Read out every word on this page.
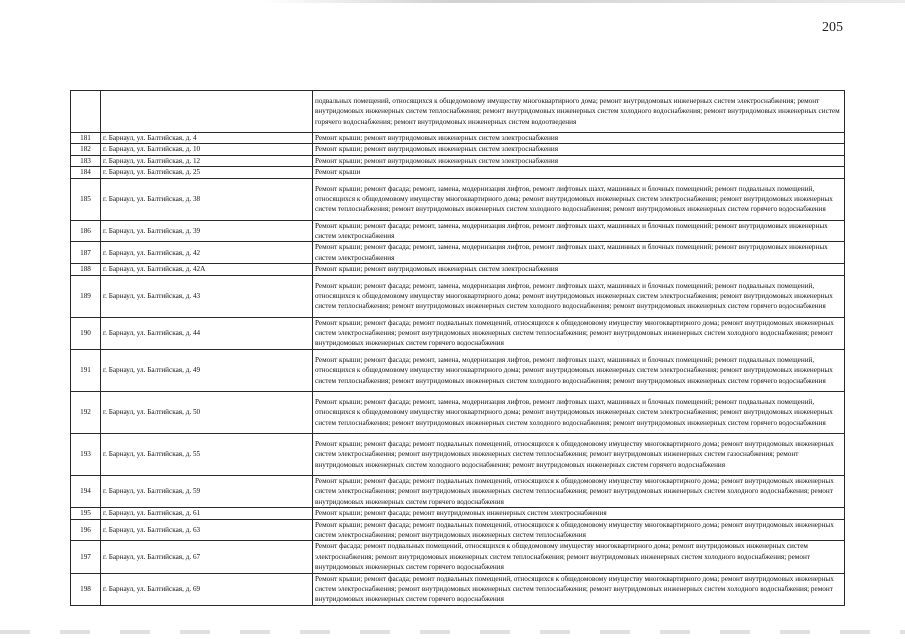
205
		подвальных помещений, относящихся к общедомовому имуществу многоквартирного дома; ремонт внутридомовых инженерных систем электроснабжения; ремонт внутридомовых инженерных систем теплоснабжения; ремонт внутридомовых инженерных систем холодного водоснабжения; ремонт внутридомовых инженерных систем горячего водоснабжения; ремонт внутридомовых инженерных систем водоотведения
181	г. Барнаул, ул. Балтийская, д. 4	Ремонт крыши; ремонт внутридомовых инженерных систем электроснабжения
182	г. Барнаул, ул. Балтийская, д. 10	Ремонт крыши; ремонт внутридомовых инженерных систем электроснабжения
183	г. Барнаул, ул. Балтийская, д. 12	Ремонт крыши; ремонт внутридомовых инженерных систем электроснабжения
184	г. Барнаул, ул. Балтийская, д. 25	Ремонт крыши
185	г. Барнаул, ул. Балтийская, д. 38	Ремонт крыши; ремонт фасада; ремонт, замена, модернизация лифтов, ремонт лифтовых шахт, машинных и блочных помещений; ремонт подвальных помещений, относящихся к общедомовому имуществу многоквартирного дома; ремонт внутридомовых инженерных систем электроснабжения; ремонт внутридомовых инженерных систем теплоснабжения; ремонт внутридомовых инженерных систем холодного водоснабжения; ремонт внутридомовых инженерных систем горячего водоснабжения
186	г. Барнаул, ул. Балтийская, д. 39	Ремонт крыши; ремонт фасада; ремонт, замена, модернизация лифтов, ремонт лифтовых шахт, машинных и блочных помещений; ремонт внутридомовых инженерных систем электроснабжения
187	г. Барнаул, ул. Балтийская, д. 42	Ремонт крыши; ремонт фасада; ремонт, замена, модернизация лифтов, ремонт лифтовых шахт, машинных и блочных помещений; ремонт внутридомовых инженерных систем электроснабжения
188	г. Барнаул, ул. Балтийская, д. 42А	Ремонт крыши; ремонт внутридомовых инженерных систем электроснабжения
189	г. Барнаул, ул. Балтийская, д. 43	Ремонт крыши; ремонт фасада; ремонт, замена, модернизация лифтов, ремонт лифтовых шахт, машинных и блочных помещений; ремонт подвальных помещений, относящихся к общедомовому имуществу многоквартирного дома; ремонт внутридомовых инженерных систем электроснабжения; ремонт внутридомовых инженерных систем теплоснабжения; ремонт внутридомовых инженерных систем холодного водоснабжения; ремонт внутридомовых инженерных систем горячего водоснабжения
190	г. Барнаул, ул. Балтийская, д. 44	Ремонт крыши; ремонт фасада; ремонт подвальных помещений, относящихся к общедомовому имуществу многоквартирного дома; ремонт внутридомовых инженерных систем электроснабжения; ремонт внутридомовых инженерных систем теплоснабжения; ремонт внутридомовых инженерных систем холодного водоснабжения; ремонт внутридомовых инженерных систем горячего водоснабжения
191	г. Барнаул, ул. Балтийская, д. 49	Ремонт крыши; ремонт фасада; ремонт, замена, модернизация лифтов, ремонт лифтовых шахт, машинных и блочных помещений; ремонт подвальных помещений, относящихся к общедомовому имуществу многоквартирного дома; ремонт внутридомовых инженерных систем электроснабжения; ремонт внутридомовых инженерных систем теплоснабжения; ремонт внутридомовых инженерных систем холодного водоснабжения; ремонт внутридомовых инженерных систем горячего водоснабжения
192	г. Барнаул, ул. Балтийская, д. 50	Ремонт крыши; ремонт фасада; ремонт, замена, модернизация лифтов, ремонт лифтовых шахт, машинных и блочных помещений; ремонт подвальных помещений, относящихся к общедомовому имуществу многоквартирного дома; ремонт внутридомовых инженерных систем электроснабжения; ремонт внутридомовых инженерных систем теплоснабжения; ремонт внутридомовых инженерных систем холодного водоснабжения; ремонт внутридомовых инженерных систем горячего водоснабжения
193	г. Барнаул, ул. Балтийская, д. 55	Ремонт крыши; ремонт фасада; ремонт подвальных помещений, относящихся к общедомовому имуществу многоквартирного дома; ремонт внутридомовых инженерных систем электроснабжения; ремонт внутридомовых инженерных систем теплоснабжения; ремонт внутридомовых инженерных систем газоснабжения; ремонт внутридомовых инженерных систем холодного водоснабжения; ремонт внутридомовых инженерных систем горячего водоснабжения
194	г. Барнаул, ул. Балтийская, д. 59	Ремонт крыши; ремонт фасада; ремонт подвальных помещений, относящихся к общедомовому имуществу многоквартирного дома; ремонт внутридомовых инженерных систем электроснабжения; ремонт внутридомовых инженерных систем теплоснабжения; ремонт внутридомовых инженерных систем холодного водоснабжения; ремонт внутридомовых инженерных систем горячего водоснабжения
195	г. Барнаул, ул. Балтийская, д. 61	Ремонт крыши; ремонт фасада; ремонт внутридомовых инженерных систем электроснабжения
196	г. Барнаул, ул. Балтийская, д. 63	Ремонт крыши; ремонт фасада; ремонт подвальных помещений, относящихся к общедомовому имуществу многоквартирного дома; ремонт внутридомовых инженерных систем электроснабжения; ремонт внутридомовых инженерных систем теплоснабжения
197	г. Барнаул, ул. Балтийская, д. 67	Ремонт фасада; ремонт подвальных помещений, относящихся к общедомовому имуществу многоквартирного дома; ремонт внутридомовых инженерных систем электроснабжения; ремонт внутридомовых инженерных систем теплоснабжения; ремонт внутридомовых инженерных систем холодного водоснабжения; ремонт внутридомовых инженерных систем горячего водоснабжения
198	г. Барнаул, ул. Балтийская, д. 69	Ремонт крыши; ремонт фасада; ремонт подвальных помещений, относящихся к общедомовому имуществу многоквартирного дома; ремонт внутридомовых инженерных систем электроснабжения; ремонт внутридомовых инженерных систем теплоснабжения; ремонт внутридомовых инженерных систем холодного водоснабжения; ремонт внутридомовых инженерных систем горячего водоснабжения
